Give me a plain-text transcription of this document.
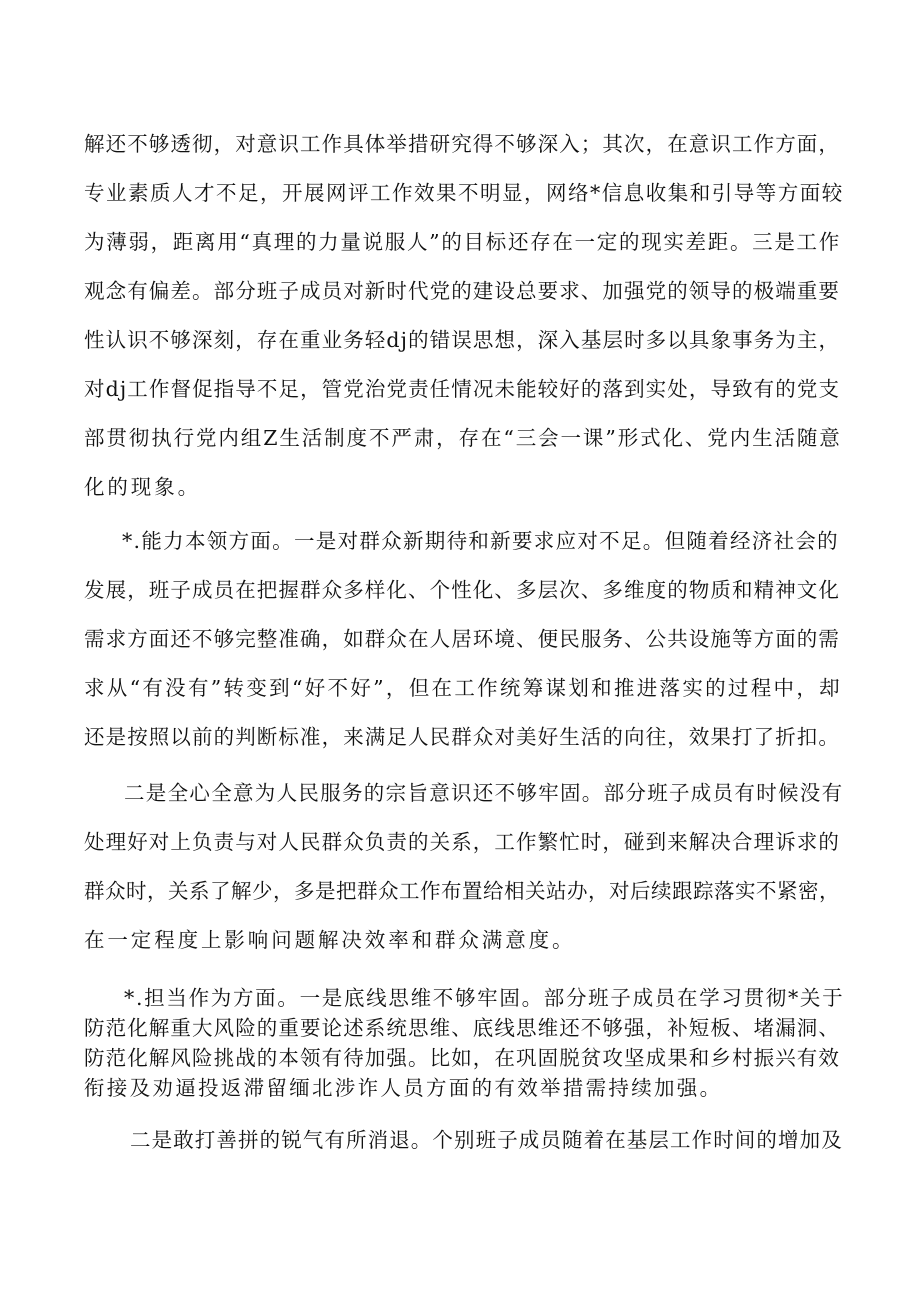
解还不够透彻，对意识工作具体举措研究得不够深入；其次，在意识工作方面，
专业素质人才不足，开展网评工作效果不明显，网络*信息收集和引导等方面较
为薄弱，距离用“真理的力量说服人”的目标还存在一定的现实差距。三是工作
观念有偏差。部分班子成员对新时代党的建设总要求、加强党的领导的极端重要
性认识不够深刻，存在重业务轻dj的错误思想，深入基层时多以具象事务为主，
对dj工作督促指导不足，管党治党责任情况未能较好的落到实处，导致有的党支
部贯彻执行党内组Z生活制度不严肃，存在“三会一课”形式化、党内生活随意
化的现象。
*.能力本领方面。一是对群众新期待和新要求应对不足。但随着经济社会的
发展，班子成员在把握群众多样化、个性化、多层次、多维度的物质和精神文化
需求方面还不够完整准确，如群众在人居环境、便民服务、公共设施等方面的需
求从“有没有”转变到“好不好”，但在工作统筹谋划和推进落实的过程中，却
还是按照以前的判断标准，来满足人民群众对美好生活的向往，效果打了折扣。
二是全心全意为人民服务的宗旨意识还不够牢固。部分班子成员有时候没有
处理好对上负责与对人民群众负责的关系，工作繁忙时，碰到来解决合理诉求的
群众时，关系了解少，多是把群众工作布置给相关站办，对后续跟踪落实不紧密，
在一定程度上影响问题解决效率和群众满意度。
*.担当作为方面。一是底线思维不够牢固。部分班子成员在学习贯彻*关于
防范化解重大风险的重要论述系统思维、底线思维还不够强，补短板、堵漏洞、
防范化解风险挑战的本领有待加强。比如，在巩固脱贫攻坚成果和乡村振兴有效
衔接及劝逼投返滞留缅北涉诈人员方面的有效举措需持续加强。
二是敢打善拼的锐气有所消退。个别班子成员随着在基层工作时间的增加及
